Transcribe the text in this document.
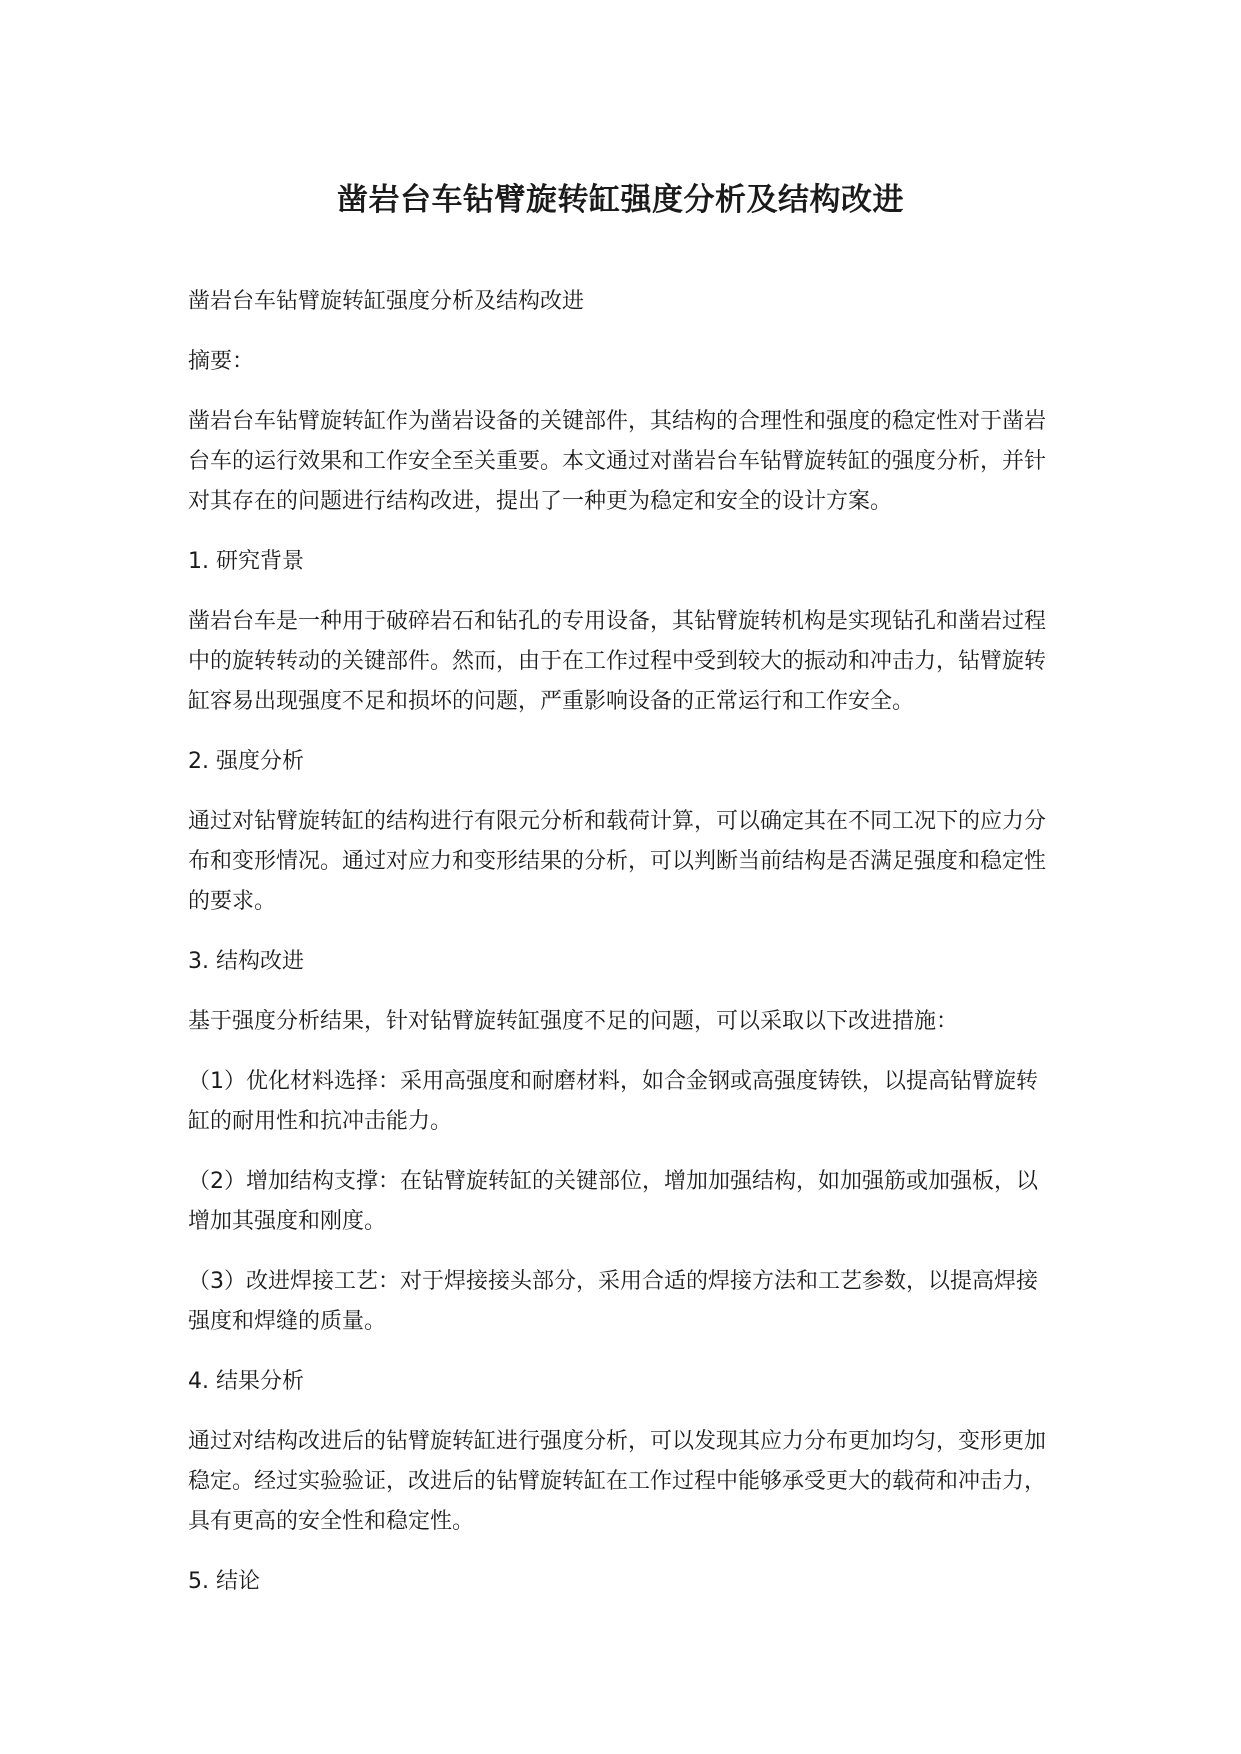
凿岩台车钻臂旋转缸强度分析及结构改进

凿岩台车钻臂旋转缸强度分析及结构改进

摘要：

凿岩台车钻臂旋转缸作为凿岩设备的关键部件，其结构的合理性和强度的稳定性对于凿岩台车的运行效果和工作安全至关重要。本文通过对凿岩台车钻臂旋转缸的强度分析，并针对其存在的问题进行结构改进，提出了一种更为稳定和安全的设计方案。

1. 研究背景

凿岩台车是一种用于破碎岩石和钻孔的专用设备，其钻臂旋转机构是实现钻孔和凿岩过程中的旋转转动的关键部件。然而，由于在工作过程中受到较大的振动和冲击力，钻臂旋转缸容易出现强度不足和损坏的问题，严重影响设备的正常运行和工作安全。

2. 强度分析

通过对钻臂旋转缸的结构进行有限元分析和载荷计算，可以确定其在不同工况下的应力分布和变形情况。通过对应力和变形结果的分析，可以判断当前结构是否满足强度和稳定性的要求。

3. 结构改进

基于强度分析结果，针对钻臂旋转缸强度不足的问题，可以采取以下改进措施：

（1）优化材料选择：采用高强度和耐磨材料，如合金钢或高强度铸铁，以提高钻臂旋转缸的耐用性和抗冲击能力。

（2）增加结构支撑：在钻臂旋转缸的关键部位，增加加强结构，如加强筋或加强板，以增加其强度和刚度。

（3）改进焊接工艺：对于焊接接头部分，采用合适的焊接方法和工艺参数，以提高焊接强度和焊缝的质量。

4. 结果分析

通过对结构改进后的钻臂旋转缸进行强度分析，可以发现其应力分布更加均匀，变形更加稳定。经过实验验证，改进后的钻臂旋转缸在工作过程中能够承受更大的载荷和冲击力，具有更高的安全性和稳定性。

5. 结论
